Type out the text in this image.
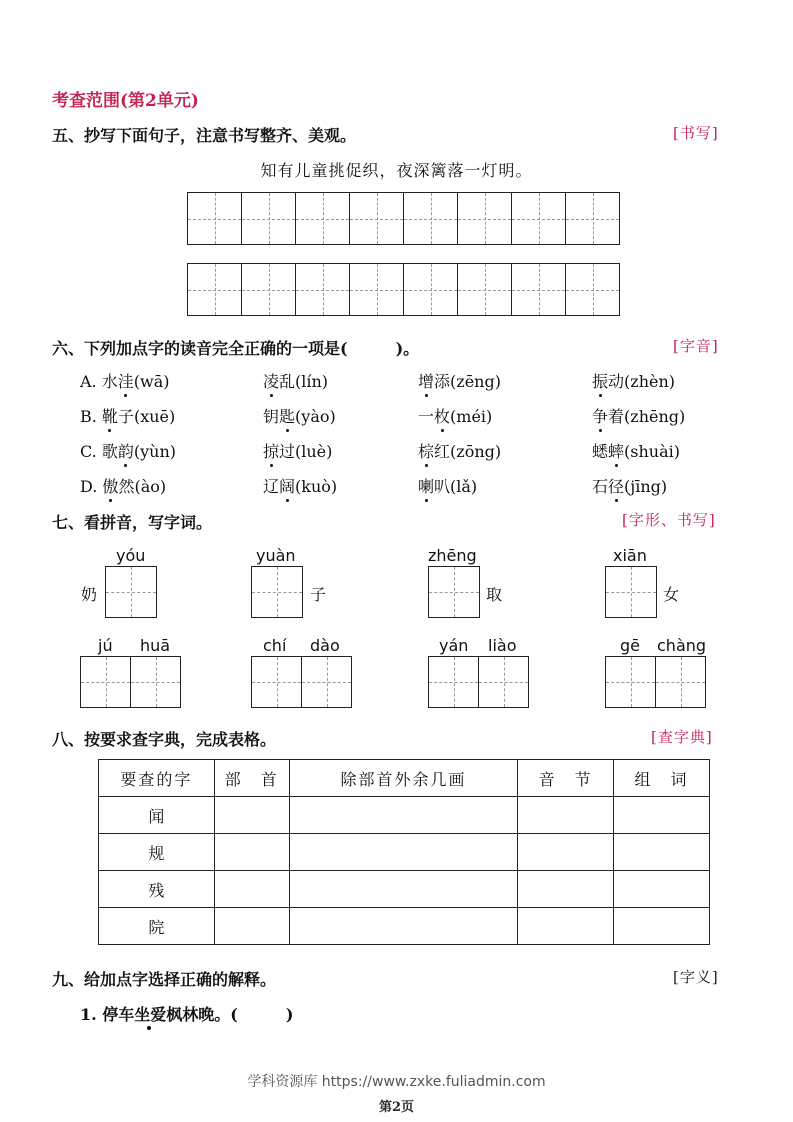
考查范围(第2单元)
五、抄写下面句子，注意书写整齐、美观。	[ 书写 ]
知有儿童挑促织，夜深篱落一灯明。
六、下列加点字的读音完全正确的一项是(　　　)。	[ 字音 ]
A. 水洼(wā)	凌乱(lín)	增添(zēng)	振动(zhèn)
B. 靴子(xuē)	钥匙(yào)	一枚(méi)	争着(zhēng)
C. 歌韵(yùn)	掠过(luè)	棕红(zōng)	蟋蟀(shuài)
D. 傲然(ào)	辽阔(kuò)	喇叭(lǎ)	石径(jīng)
七、看拼音，写字词。	[ 字形、书写 ]
yóu
奶
yuàn
子
zhēng
取
xiān
女
jú huā	chí dào	yán liào	gē chàng
八、按要求查字典，完成表格。	[ 查字典 ]
要查的字	部　首	除部首外余几画	音　节	组　词
闻				
规				
残				
院				
九、给加点字选择正确的解释。	[ 字义 ]
1. 停车坐爱枫林晚。(　　　)
学科资源库 https://www.zxke.fuliadmin.com
第2页
